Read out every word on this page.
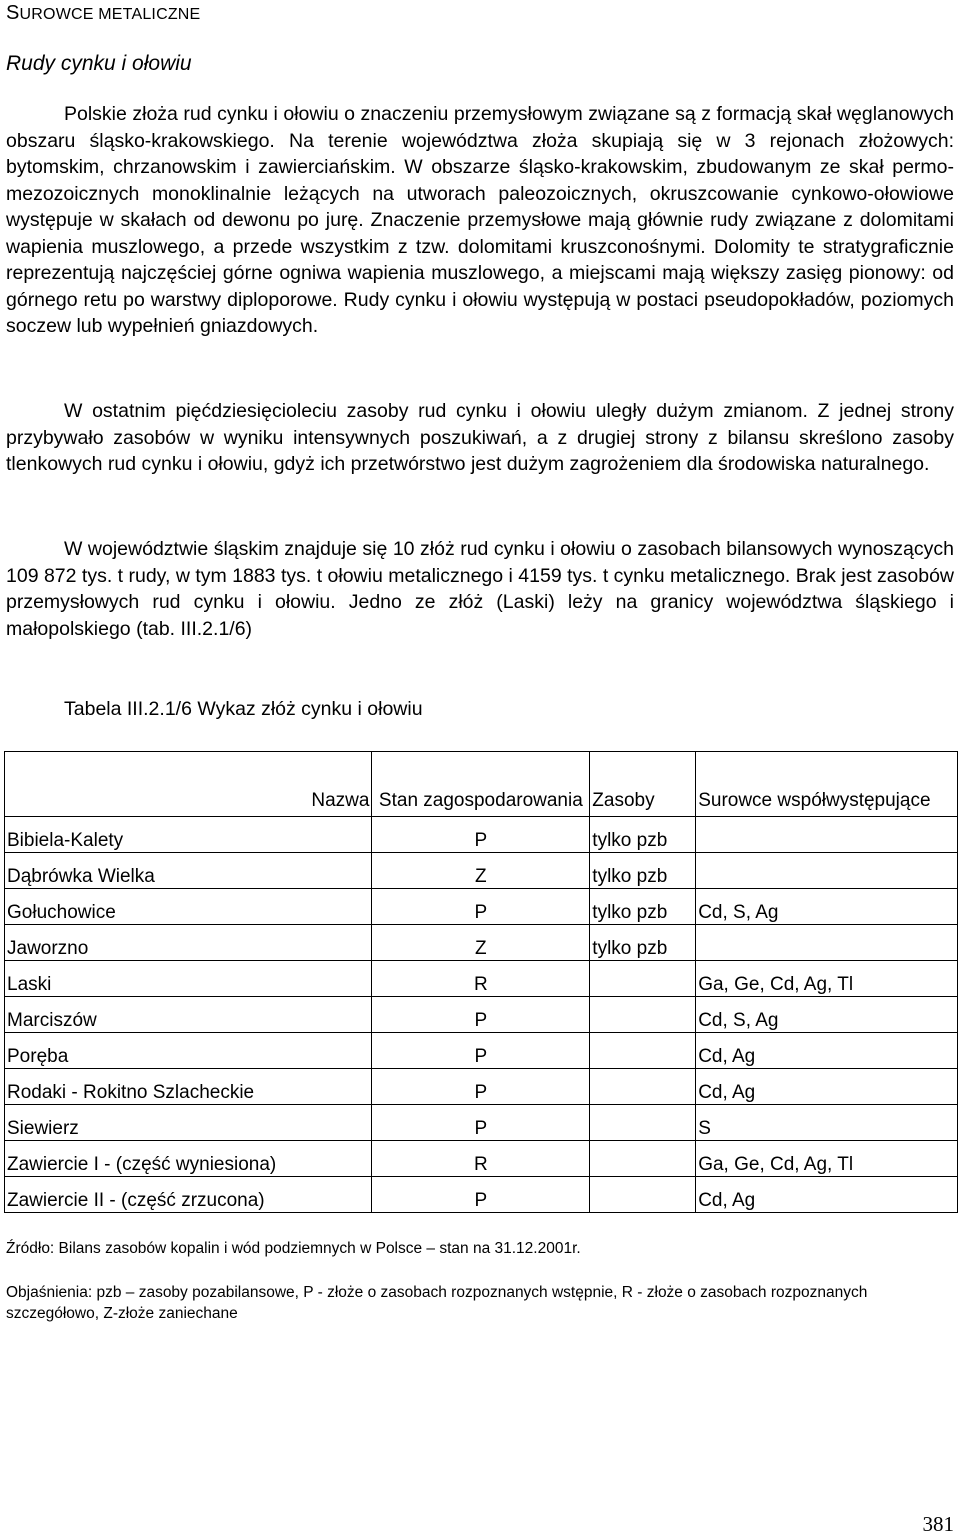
SUROWCE METALICZNE
Rudy cynku i ołowiu

Polskie złoża rud cynku i ołowiu o znaczeniu przemysłowym związane są z formacją skał węglanowych obszaru śląsko-krakowskiego. Na terenie województwa złoża skupiają się w 3 rejonach złożowych: bytomskim, chrzanowskim i zawierciańskim. W obszarze śląsko-krakowskim, zbudowanym ze skał permo-mezozoicznych monoklinalnie leżących na utworach paleozoicznych, okruszcowanie cynkowo-ołowiowe występuje w skałach od dewonu po jurę. Znaczenie przemysłowe mają głównie rudy związane z dolomitami wapienia muszlowego, a przede wszystkim z tzw. dolomitami kruszconośnymi. Dolomity te stratygraficznie reprezentują najczęściej górne ogniwa wapienia muszlowego, a miejscami mają większy zasięg pionowy: od górnego retu po warstwy diploporowe. Rudy cynku i ołowiu występują w postaci pseudopokładów, poziomych soczew lub wypełnień gniazdowych.

W ostatnim pięćdziesięcioleciu zasoby rud cynku i ołowiu uległy dużym zmianom. Z jednej strony przybywało zasobów w wyniku intensywnych poszukiwań, a z drugiej strony z bilansu skreślono zasoby tlenkowych rud cynku i ołowiu, gdyż ich przetwórstwo jest dużym zagrożeniem dla środowiska naturalnego.

W województwie śląskim znajduje się 10 złóż rud cynku i ołowiu o zasobach bilansowych wynoszących 109 872 tys. t rudy, w tym 1883 tys. t ołowiu metalicznego i 4159 tys. t cynku metalicznego. Brak jest zasobów przemysłowych rud cynku i ołowiu. Jedno ze złóż (Laski) leży na granicy województwa śląskiego i małopolskiego (tab. III.2.1/6)

Tabela III.2.1/6 Wykaz złóż cynku i ołowiu
Nazwa	Stan zagospodarowania	Zasoby	Surowce współwystępujące
Bibiela-Kalety	P	tylko pzb	
Dąbrówka Wielka	Z	tylko pzb	
Gołuchowice	P	tylko pzb	Cd, S, Ag
Jaworzno	Z	tylko pzb	
Laski	R		Ga, Ge, Cd, Ag, Tl
Marciszów	P		Cd, S, Ag
Poręba	P		Cd, Ag
Rodaki - Rokitno Szlacheckie	P		Cd, Ag
Siewierz	P		S
Zawiercie I - (część wyniesiona)	R		Ga, Ge, Cd, Ag, Tl
Zawiercie II - (część zrzucona)	P		Cd, Ag
Źródło: Bilans zasobów kopalin i wód podziemnych w Polsce – stan na 31.12.2001r.

Objaśnienia: pzb – zasoby pozabilansowe, P - złoże o zasobach rozpoznanych wstępnie, R - złoże o zasobach rozpoznanych szczegółowo, Z-złoże zaniechane

381
